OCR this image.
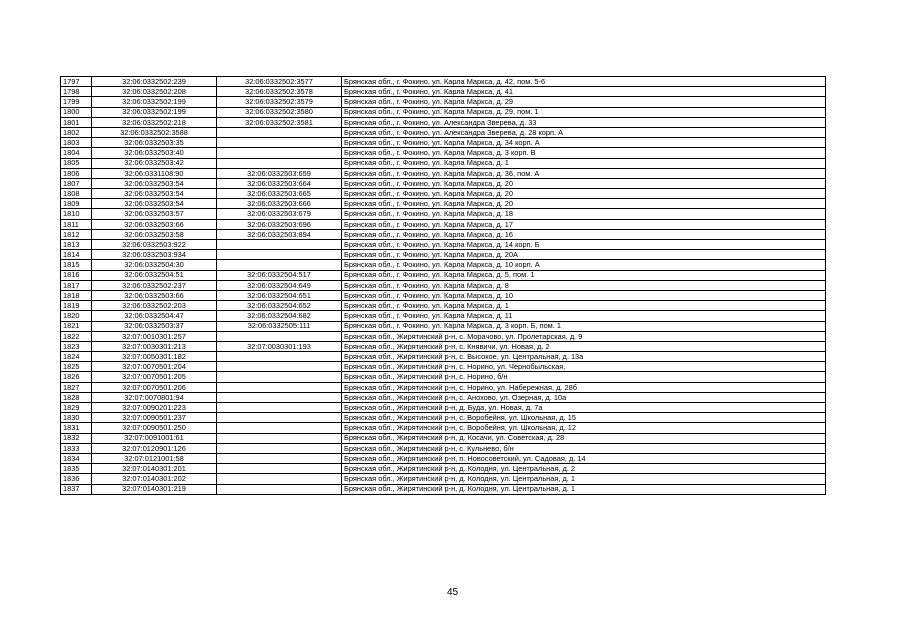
1797	32:06:0332502:239	32:06:0332502:3577	Брянская обл., г. Фокино, ул. Карла Маркса, д. 42, пом. 5-6
1798	32:06:0332502:208	32:06:0332502:3578	Брянская обл., г. Фокино, ул. Карла Маркса, д. 41
1799	32:06:0332502:199	32:06:0332502:3579	Брянская обл., г. Фокино, ул. Карла Маркса, д. 29
1800	32:06:0332502:199	32:06:0332502:3580	Брянская обл., г. Фокино, ул. Карла Маркса, д. 29, пом. 1
1801	32:06:0332502:218	32:06:0332502:3581	Брянская обл., г. Фокино, ул. Александра Зверева, д. 33
1802	32:06:0332502:3588		Брянская обл., г. Фокино, ул. Александра Зверева, д. 28 корп. А
1803	32:06:0332503:35		Брянская обл., г. Фокино, ул. Карла Маркса, д. 34 корп. А
1804	32:06:0332503:40		Брянская обл., г. Фокино, ул. Карла Маркса, д. 3 корп. В
1805	32:06:0332503:42		Брянская обл., г. Фокино, ул. Карла Маркса, д. 1
1806	32:06:0331108:90	32:06:0332503:659	Брянская обл., г. Фокино, ул. Карла Маркса, д. 36, пом. А
1807	32:06:0332503:54	32:06:0332503:664	Брянская обл., г. Фокино, ул. Карла Маркса, д. 20
1808	32:06:0332503:54	32:06:0332503:665	Брянская обл., г. Фокино, ул. Карла Маркса, д. 20
1809	32:06:0332503:54	32:06:0332503:666	Брянская обл., г. Фокино, ул. Карла Маркса, д. 20
1810	32:06:0332503:57	32:06:0332503:679	Брянская обл., г. Фокино, ул. Карла Маркса, д. 18
1811	32:06:0332503:66	32:06:0332503:696	Брянская обл., г. Фокино, ул. Карла Маркса, д. 17
1812	32:06:0332503:58	32:06:0332503:894	Брянская обл., г. Фокино, ул. Карла Маркса, д. 16
1813	32:06:0332503:922		Брянская обл., г. Фокино, ул. Карла Маркса, д. 14 корп. Б
1814	32:06:0332503:934		Брянская обл., г. Фокино, ул. Карла Маркса, д. 20А
1815	32:06:0332504:30		Брянская обл., г. Фокино, ул. Карла Маркса, д. 10 корп. А
1816	32:06:0332504:51	32:06:0332504:517	Брянская обл., г. Фокино, ул. Карла Маркса, д. 5, пом. 1
1817	32:06:0332502:237	32:06:0332504:649	Брянская обл., г. Фокино, ул. Карла Маркса, д. 8
1818	32:06:0332503:66	32:06:0332504:651	Брянская обл., г. Фокино, ул. Карла Маркса, д. 10
1819	32:06:0332502:203	32:06:0332504:652	Брянская обл., г. Фокино, ул. Карла Маркса, д. 1
1820	32:06:0332504:47	32:06:0332504:682	Брянская обл., г. Фокино, ул. Карла Маркса, д. 11
1821	32:06:0332503:37	32:06:0332505:111	Брянская обл., г. Фокино, ул. Карла Маркса, д. 3 корп. Б, пом. 1
1822	32:07:0010301:257		Брянская обл., Жирятинский р-н, с. Морачово, ул. Пролетарская, д. 9
1823	32:07:0030301:213	32:07:0030301:193	Брянская обл., Жирятинский р-н, с. Княвичи, ул. Новая, д. 2
1824	32:07:0050301:182		Брянская обл., Жирятинский р-н, с. Высокое, ул. Центральная, д. 13а
1825	32:07:0070501:204		Брянская обл., Жирятинский р-н, с. Норино, ул. Чернобыльская,
1826	32:07:0070501:205		Брянская обл., Жирятинский р-н, с. Норино, б/н
1827	32:07:0070501:206		Брянская обл., Жирятинский р-н, с. Норино, ул. Набережная, д. 28б
1828	32:07:0070801:94		Брянская обл., Жирятинский р-н, с. Анохово, ул. Озерная, д. 10а
1829	32:07:0090201:223		Брянская обл., Жирятинский р-н, д. Буда, ул. Новая, д. 7а
1830	32:07:0090501:237		Брянская обл., Жирятинский р-н, с. Воробейня, ул. Школьная, д. 15
1831	32:07:0090501:250		Брянская обл., Жирятинский р-н, с. Воробейня, ул. Школьная, д. 12
1832	32:07:0091001:61		Брянская обл., Жирятинский р-н, д. Косачи, ул. Советская, д. 28
1833	32:07:0120901:126		Брянская обл., Жирятинский р-н, с. Кульнево, б/н
1834	32:07:0121001:58		Брянская обл., Жирятинский р-н, п. Новосоветский, ул. Садовая, д. 14
1835	32:07:0140301:201		Брянская обл., Жирятинский р-н, д. Колодня, ул. Центральная, д. 2
1836	32:07:0140301:202		Брянская обл., Жирятинский р-н, д. Колодня, ул. Центральная, д. 1
1837	32:07:0140301:219		Брянская обл., Жирятинский р-н, д. Колодня, ул. Центральная, д. 1
45
